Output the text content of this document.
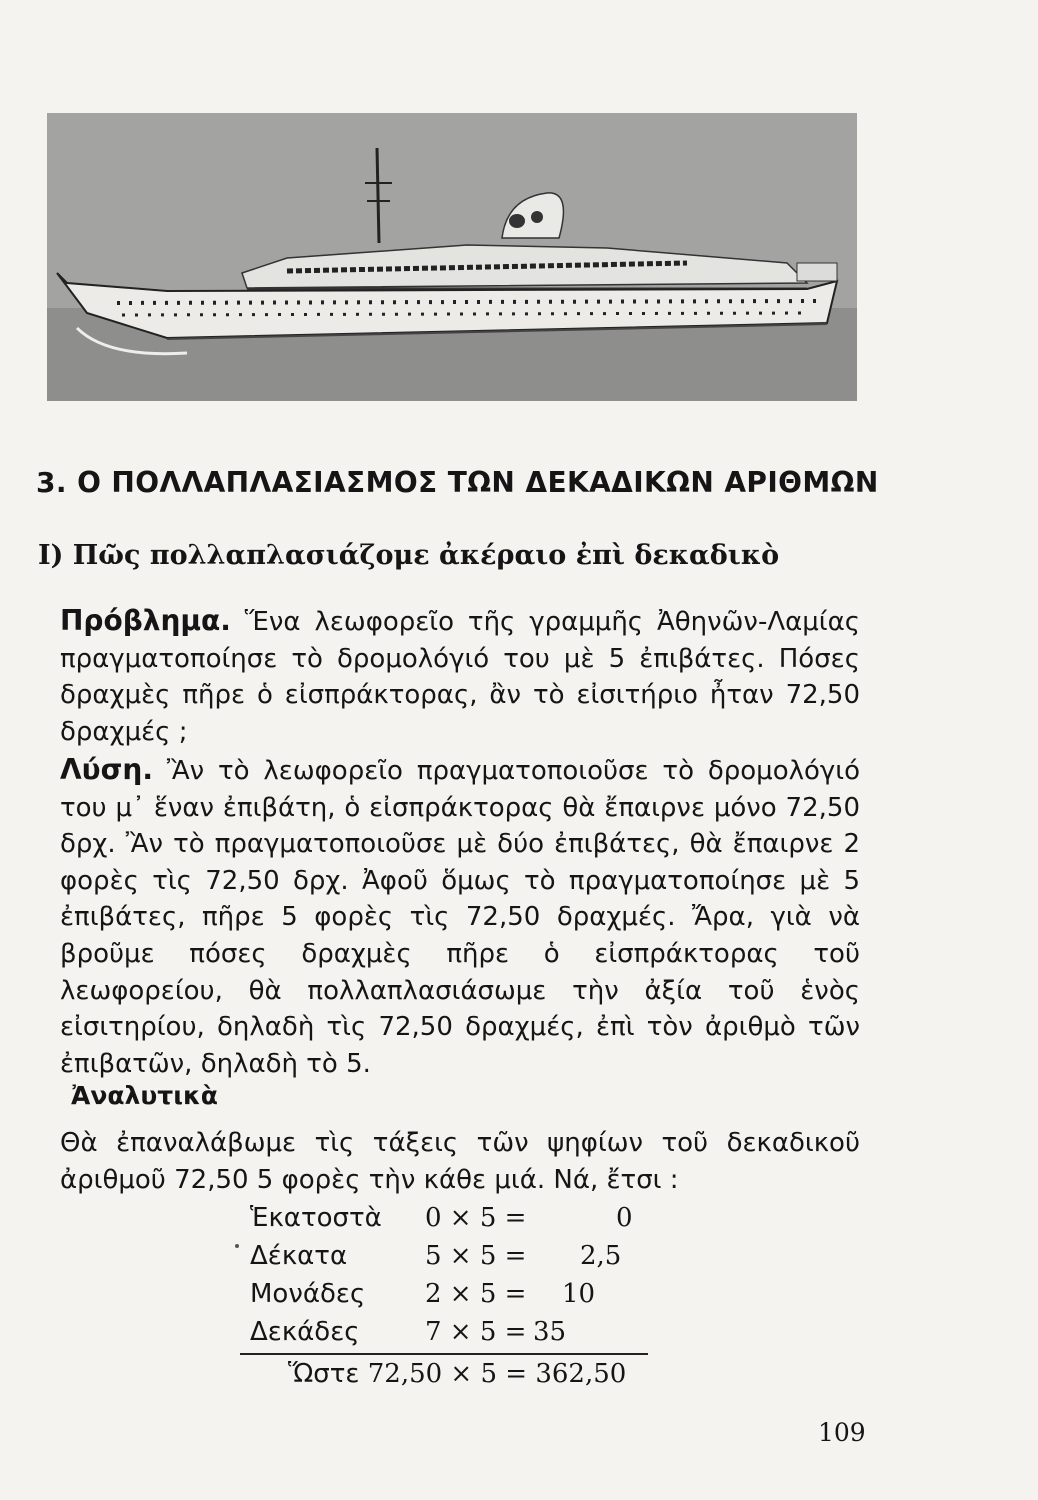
3. Ο ΠΟΛΛΑΠΛΑΣΙΑΣΜΟΣ ΤΩΝ ΔΕΚΑΔΙΚΩΝ ΑΡΙΘΜΩΝ
Ι) Πῶς πολλαπλασιάζομε ἀκέραιο ἐπὶ δεκαδικὸ
Πρόβλημα. Ἕνα λεωφορεῖο τῆς γραμμῆς Ἀθηνῶν-Λαμίας πραγματοποίησε τὸ δρομολόγιό του μὲ 5 ἐπιβάτες. Πόσες δραχμὲς πῆρε ὁ εἰσπράκτορας, ἂν τὸ εἰσιτήριο ἦταν 72,50 δραχμές ;
Λύση. Ἂν τὸ λεωφορεῖο πραγματοποιοῦσε τὸ δρομολόγιό του μ᾽ ἕναν ἐπιβάτη, ὁ εἰσπράκτορας θὰ ἔπαιρνε μόνο 72,50 δρχ. Ἂν τὸ πραγματοποιοῦσε μὲ δύο ἐπιβάτες, θὰ ἔπαιρνε 2 φορὲς τὶς 72,50 δρχ. Ἀφοῦ ὅμως τὸ πραγματοποίησε μὲ 5 ἐπιβάτες, πῆρε 5 φορὲς τὶς 72,50 δραχμές. Ἄρα, γιὰ νὰ βροῦμε πόσες δραχμὲς πῆρε ὁ εἰσπράκτορας τοῦ λεωφορείου, θὰ πολλαπλασιάσωμε τὴν ἀξία τοῦ ἑνὸς εἰσιτηρίου, δηλαδὴ τὶς 72,50 δραχμές, ἐπὶ τὸν ἀριθμὸ τῶν ἐπιβατῶν, δηλαδὴ τὸ 5.
Ἀναλυτικὰ
Θὰ ἐπαναλάβωμε τὶς τάξεις τῶν ψηφίων τοῦ δεκαδικοῦ ἀριθμοῦ 72,50 5 φορὲς τὴν κάθε μιά. Νά, ἔτσι :
Ἑκατοστὰ 0 × 5 =	0
Δέκατα	5 × 5 = 2,5
Μονάδες 2 × 5 = 10
Δεκάδες	7 × 5 = 35
Ὥστε 72,50 × 5 = 362,50
109
